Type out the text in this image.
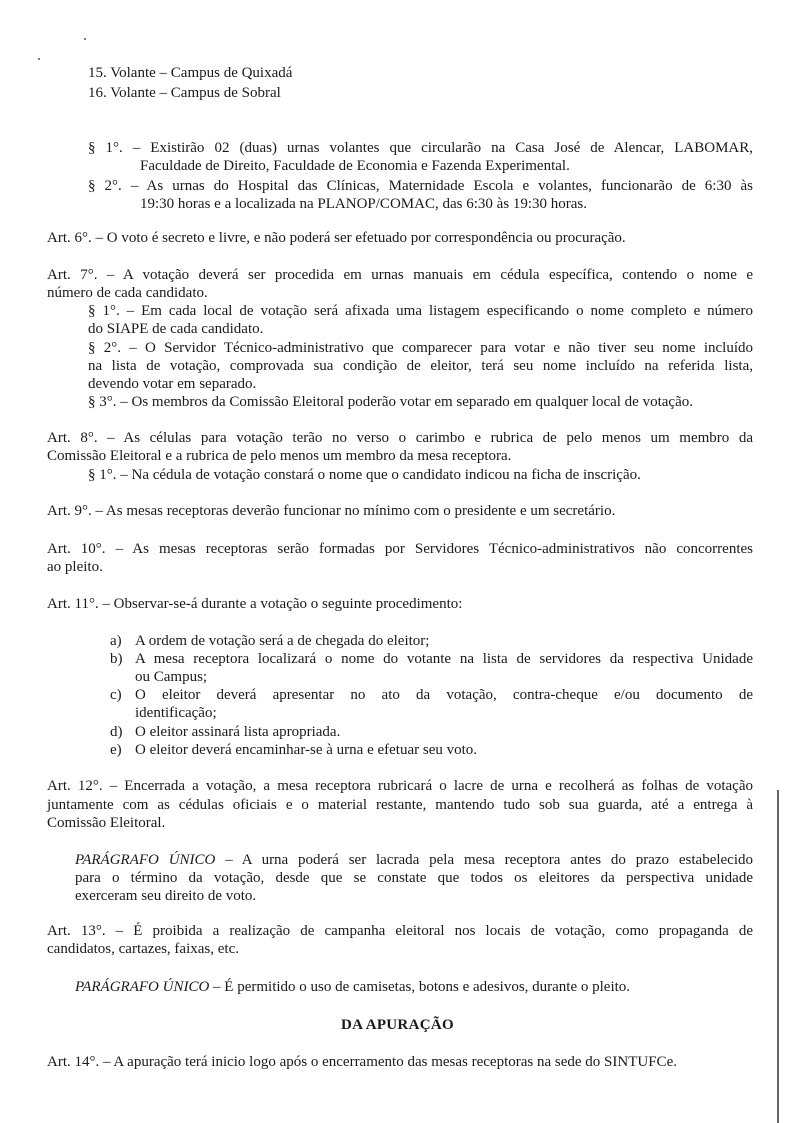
15. Volante – Campus de Quixadá
16. Volante – Campus de Sobral
§ 1°. – Existirão 02 (duas) urnas volantes que circularão na Casa José de Alencar, LABOMAR,
Faculdade de Direito, Faculdade de Economia e Fazenda Experimental.
§ 2°. – As urnas do Hospital das Clínicas, Maternidade Escola e volantes, funcionarão de 6:30 às
19:30 horas e a localizada na PLANOP/COMAC, das 6:30 às 19:30 horas.
Art. 6°. – O voto é secreto e livre, e não poderá ser efetuado por correspondência ou procuração.
Art. 7°. – A votação deverá ser procedida em urnas manuais em cédula específica, contendo o nome e
número de cada candidato.
§ 1°. – Em cada local de votação será afixada uma listagem especificando o nome completo e número
do SIAPE de cada candidato.
§ 2°. – O Servidor Técnico-administrativo que comparecer para votar e não tiver seu nome incluído
na lista de votação, comprovada sua condição de eleitor, terá seu nome incluído na referida lista,
devendo votar em separado.
§ 3°. – Os membros da Comissão Eleitoral poderão votar em separado em qualquer local de votação.
Art. 8°. – As células para votação terão no verso o carimbo e rubrica de pelo menos um membro da
Comissão Eleitoral e a rubrica de pelo menos um membro da mesa receptora.
§ 1°. – Na cédula de votação constará o nome que o candidato indicou na ficha de inscrição.
Art. 9°. – As mesas receptoras deverão funcionar no mínimo com o presidente e um secretário.
Art. 10°. – As mesas receptoras serão formadas por Servidores Técnico-administrativos não concorrentes
ao pleito.
Art. 11°. – Observar-se-á durante a votação o seguinte procedimento:
a) A ordem de votação será a de chegada do eleitor;
b) A mesa receptora localizará o nome do votante na lista de servidores da respectiva Unidade
ou Campus;
c) O eleitor deverá apresentar no ato da votação, contra-cheque e/ou documento de
identificação;
d) O eleitor assinará lista apropriada.
e) O eleitor deverá encaminhar-se à urna e efetuar seu voto.
Art. 12°. – Encerrada a votação, a mesa receptora rubricará o lacre de urna e recolherá as folhas de votação
juntamente com as cédulas oficiais e o material restante, mantendo tudo sob sua guarda, até a entrega à
Comissão Eleitoral.
PARÁGRAFO ÚNICO – A urna poderá ser lacrada pela mesa receptora antes do prazo estabelecido
para o término da votação, desde que se constate que todos os eleitores da perspectiva unidade
exerceram seu direito de voto.
Art. 13°. – É proibida a realização de campanha eleitoral nos locais de votação, como propaganda de
candidatos, cartazes, faixas, etc.
PARÁGRAFO ÚNICO – É permitido o uso de camisetas, botons e adesivos, durante o pleito.
DA APURAÇÃO
Art. 14°. – A apuração terá inicio logo após o encerramento das mesas receptoras na sede do SINTUFCe.
